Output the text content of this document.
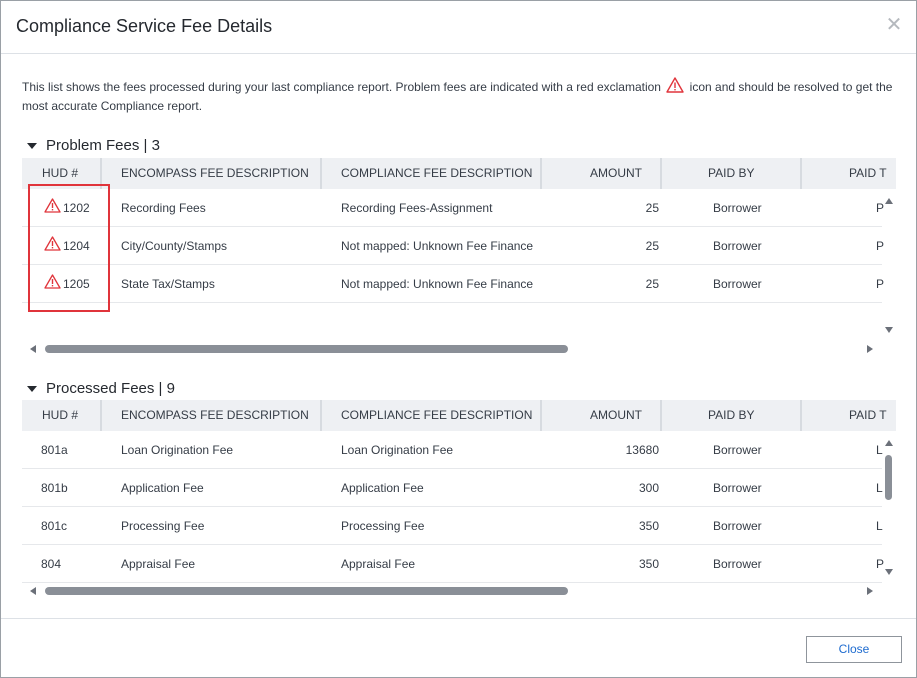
Compliance Service Fee Details	✕
This list shows the fees processed during your last compliance report. Problem fees are indicated with a red exclamation icon and should be resolved to get the most accurate Compliance report.
Problem Fees | 3
HUD #	ENCOMPASS FEE DESCRIPTION	COMPLIANCE FEE DESCRIPTION	AMOUNT	PAID BY	PAID T
1202	Recording Fees	Recording Fees-Assignment	25	Borrower	P
1204	City/County/Stamps	Not mapped: Unknown Fee Finance	25	Borrower	P
1205	State Tax/Stamps	Not mapped: Unknown Fee Finance	25	Borrower	P
Processed Fees | 9
HUD #	ENCOMPASS FEE DESCRIPTION	COMPLIANCE FEE DESCRIPTION	AMOUNT	PAID BY	PAID T
801a	Loan Origination Fee	Loan Origination Fee	13680	Borrower	L
801b	Application Fee	Application Fee	300	Borrower	L
801c	Processing Fee	Processing Fee	350	Borrower	L
804	Appraisal Fee	Appraisal Fee	350	Borrower	P
Close
